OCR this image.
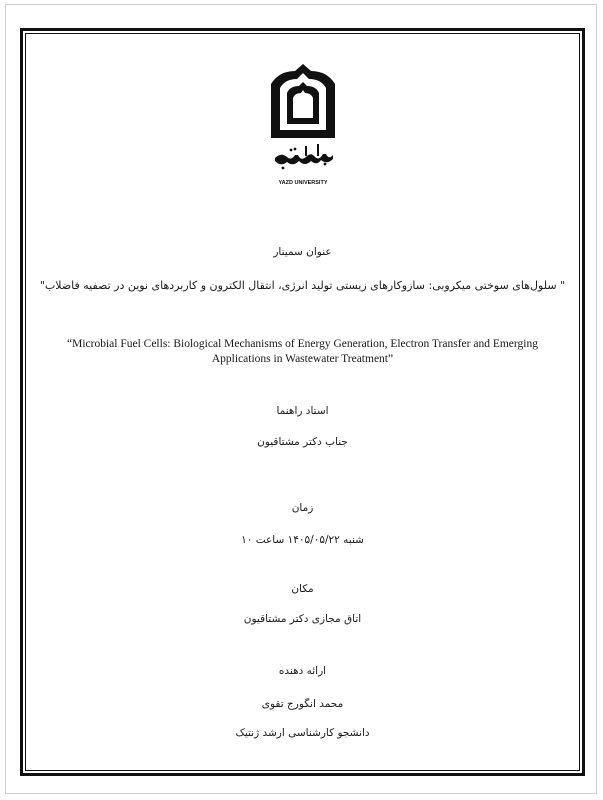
YAZD UNIVERSITY
عنوان سمینار
" سلول‌های سوختی میکروبی: سازوکارهای زیستی تولید انرژی، انتقال الکترون و کاربردهای نوین در تصفیه فاضلاب"
“Microbial Fuel Cells: Biological Mechanisms of Energy Generation, Electron Transfer and Emerging Applications in Wastewater Treatment”
استاد راهنما
جناب دکتر مشتاقیون
زمان
شنبه ۱۴۰۵/۰۵/۲۲ ساعت ۱۰
مکان
اتاق مجازی دکتر مشتاقیون
ارائه دهنده
محمد انگورج تقوی
دانشجو کارشناسی ارشد ژنتیک
